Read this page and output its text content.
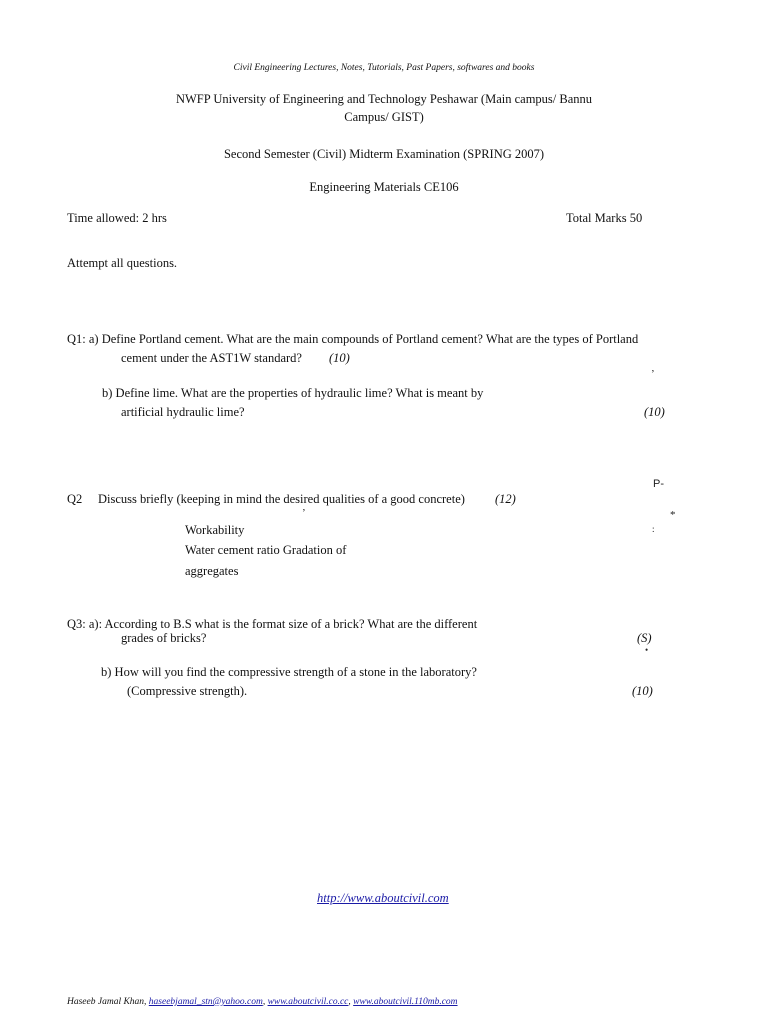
Civil Engineering Lectures, Notes, Tutorials, Past Papers, softwares and books
NWFP University of Engineering and Technology Peshawar (Main campus/ Bannu
Campus/ GIST)
Second Semester (Civil) Midterm Examination (SPRING 2007)
Engineering Materials CE106
Time allowed: 2 hrs	Total Marks 50
Attempt all questions.
Q1: a) Define Portland cement. What are the main compounds of Portland cement? What are the types of Portland
cement under the AST1W standard? (10)
’
b) Define lime. What are the properties of hydraulic lime? What is meant by
artificial hydraulic lime?	(10)
P-
Q2 Discuss briefly (keeping in mind the desired qualities of a good concrete) (12)
’	*
:
Workability
Water cement ratio Gradation of
aggregates
Q3: a): According to B.S what is the format size of a brick? What are the different
grades of bricks?	(S)
•
b) How will you find the compressive strength of a stone in the laboratory?
(Compressive strength).	(10)
http://www.aboutcivil.com
Haseeb Jamal Khan, haseebjamal_stn@yahoo.com, www.aboutcivil.co.cc, www.aboutcivil.110mb.com
